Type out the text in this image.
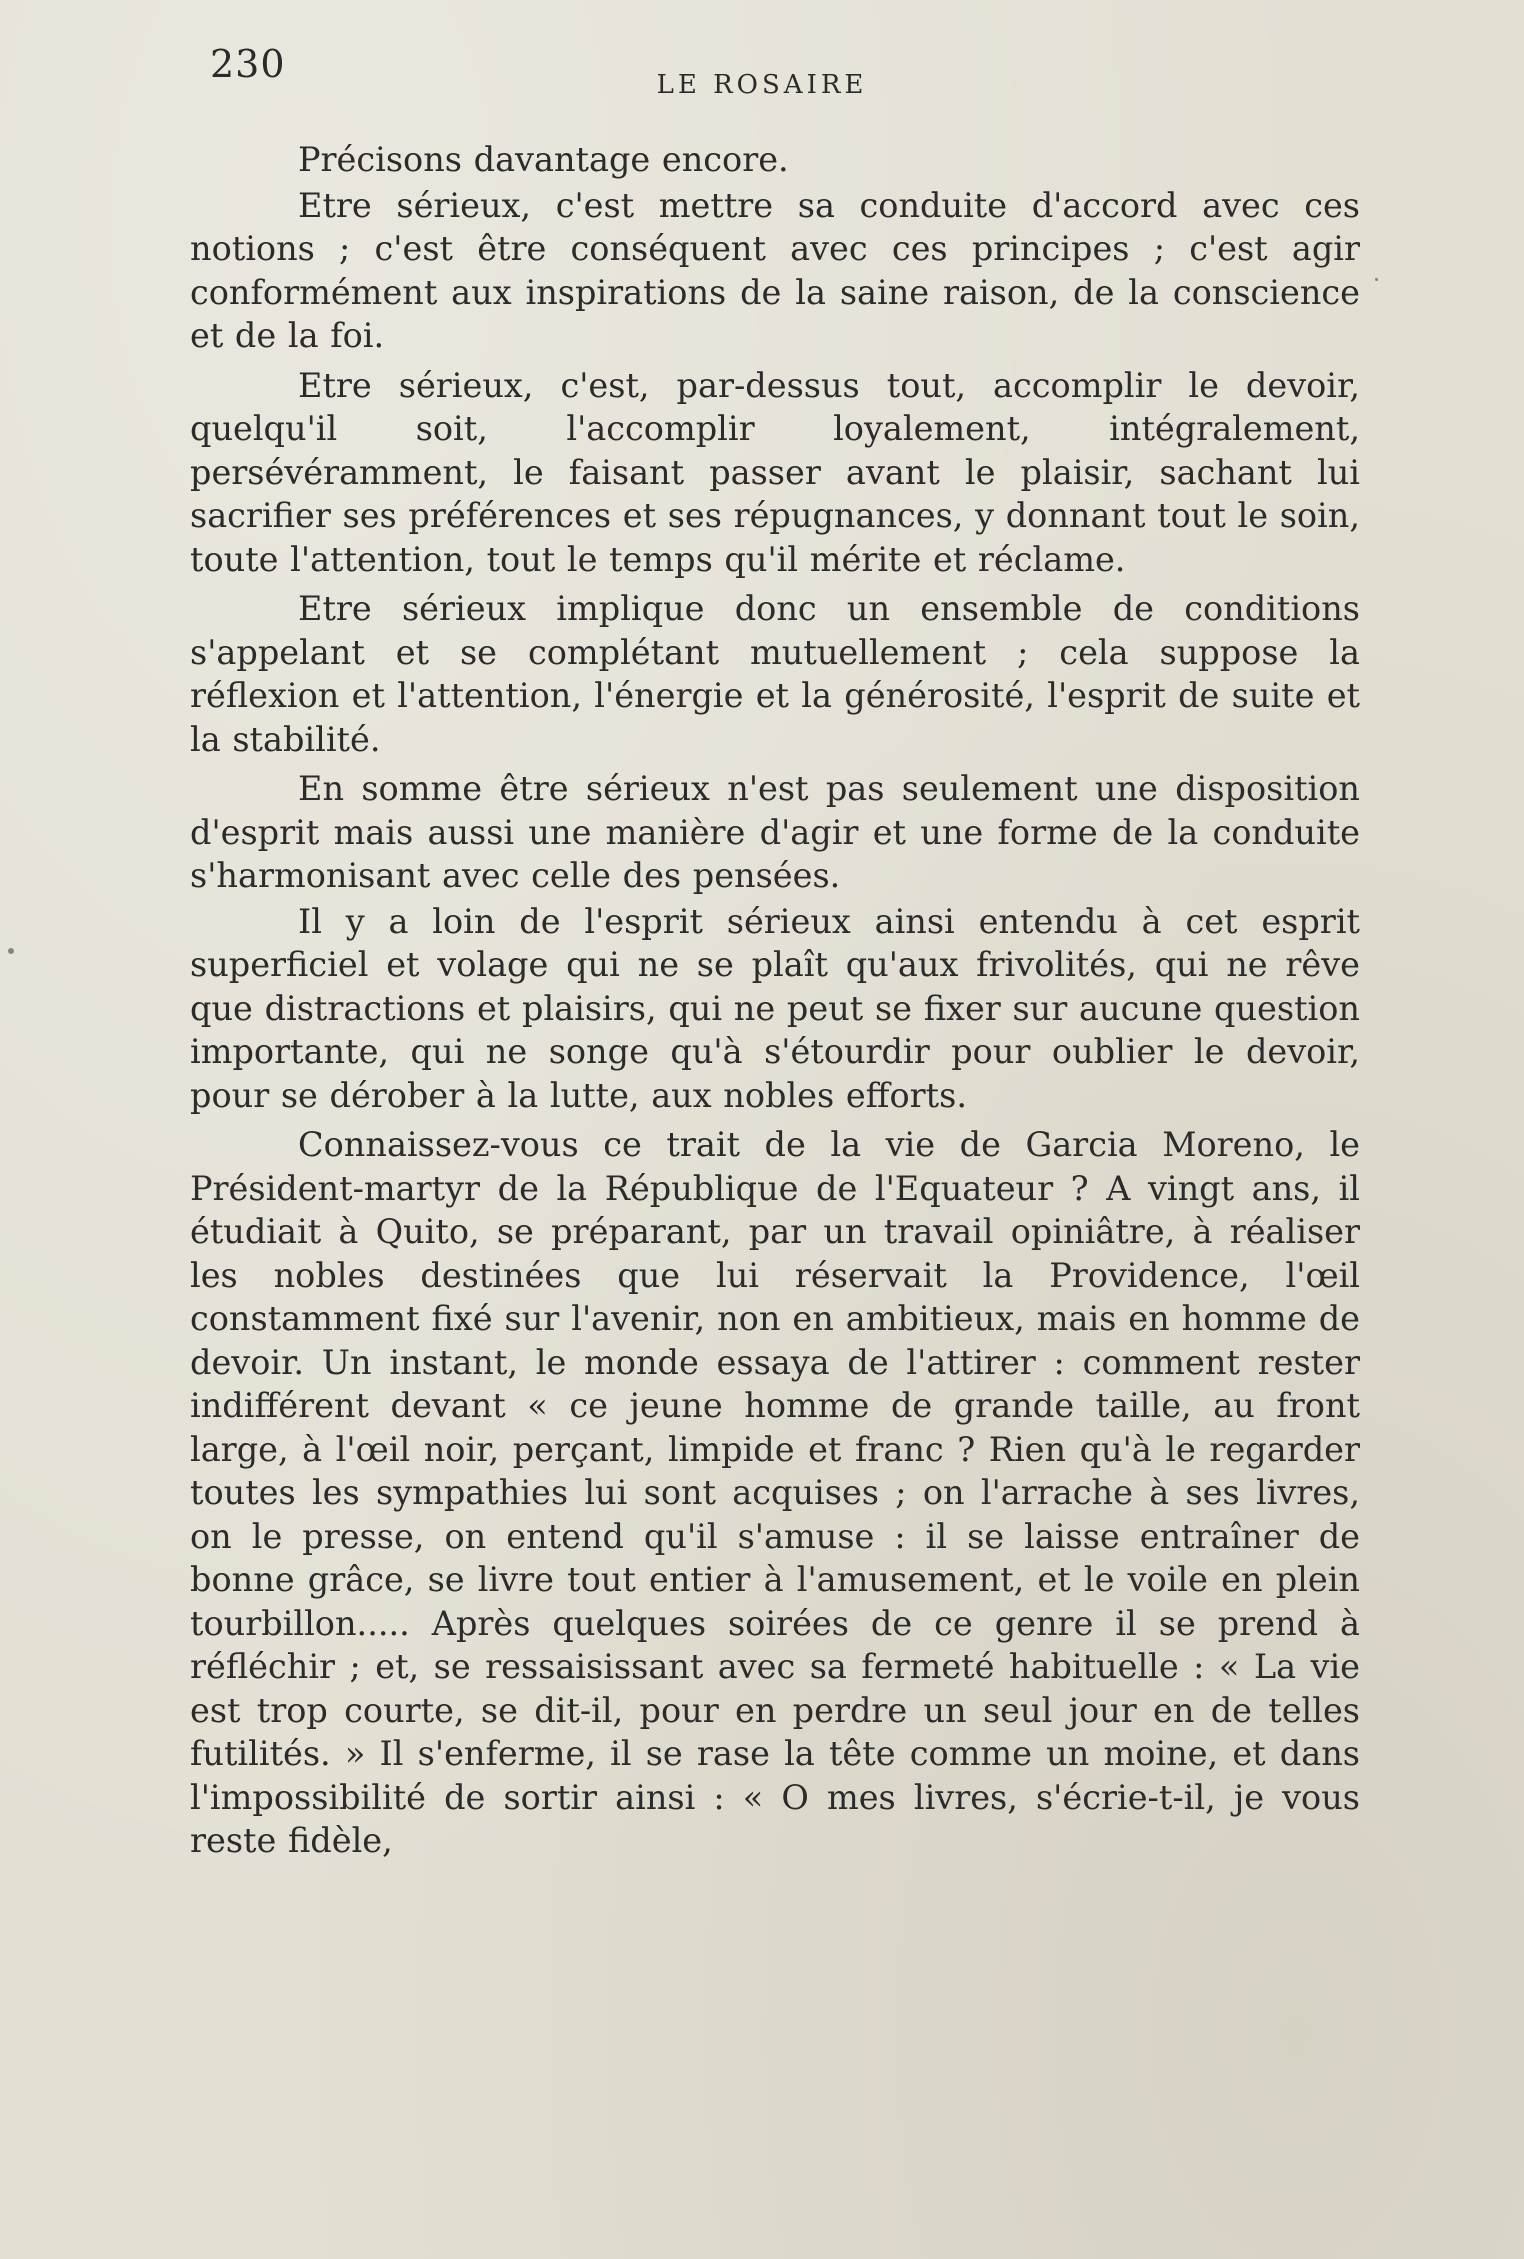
230	LE ROSAIRE

Précisons davantage encore.

Etre sérieux, c'est mettre sa conduite d'accord avec ces notions ; c'est être conséquent avec ces principes ; c'est agir conformément aux inspirations de la saine raison, de la conscience et de la foi.

Etre sérieux, c'est, par-dessus tout, accomplir le devoir, quelqu'il soit, l'accomplir loyalement, intégralement, persévéramment, le faisant passer avant le plaisir, sachant lui sacrifier ses préférences et ses répugnances, y donnant tout le soin, toute l'attention, tout le temps qu'il mérite et réclame.

Etre sérieux implique donc un ensemble de conditions s'appelant et se complétant mutuellement ; cela suppose la réflexion et l'attention, l'énergie et la générosité, l'esprit de suite et la stabilité.

En somme être sérieux n'est pas seulement une disposition d'esprit mais aussi une manière d'agir et une forme de la conduite s'harmonisant avec celle des pensées.

Il y a loin de l'esprit sérieux ainsi entendu à cet esprit superficiel et volage qui ne se plaît qu'aux frivolités, qui ne rêve que distractions et plaisirs, qui ne peut se fixer sur aucune question importante, qui ne songe qu'à s'étourdir pour oublier le devoir, pour se dérober à la lutte, aux nobles efforts.

Connaissez-vous ce trait de la vie de Garcia Moreno, le Président-martyr de la République de l'Equateur ? A vingt ans, il étudiait à Quito, se préparant, par un travail opiniâtre, à réaliser les nobles destinées que lui réservait la Providence, l'œil constamment fixé sur l'avenir, non en ambitieux, mais en homme de devoir. Un instant, le monde essaya de l'attirer : comment rester indifférent devant « ce jeune homme de grande taille, au front large, à l'œil noir, perçant, limpide et franc ? Rien qu'à le regarder toutes les sympathies lui sont acquises ; on l'arrache à ses livres, on le presse, on entend qu'il s'amuse : il se laisse entraîner de bonne grâce, se livre tout entier à l'amusement, et le voile en plein tourbillon..... Après quelques soirées de ce genre il se prend à réfléchir ; et, se ressaisissant avec sa fermeté habituelle : « La vie est trop courte, se dit-il, pour en perdre un seul jour en de telles futilités. » Il s'enferme, il se rase la tête comme un moine, et dans l'impossibilité de sortir ainsi : « O mes livres, s'écrie-t-il, je vous reste fidèle,
